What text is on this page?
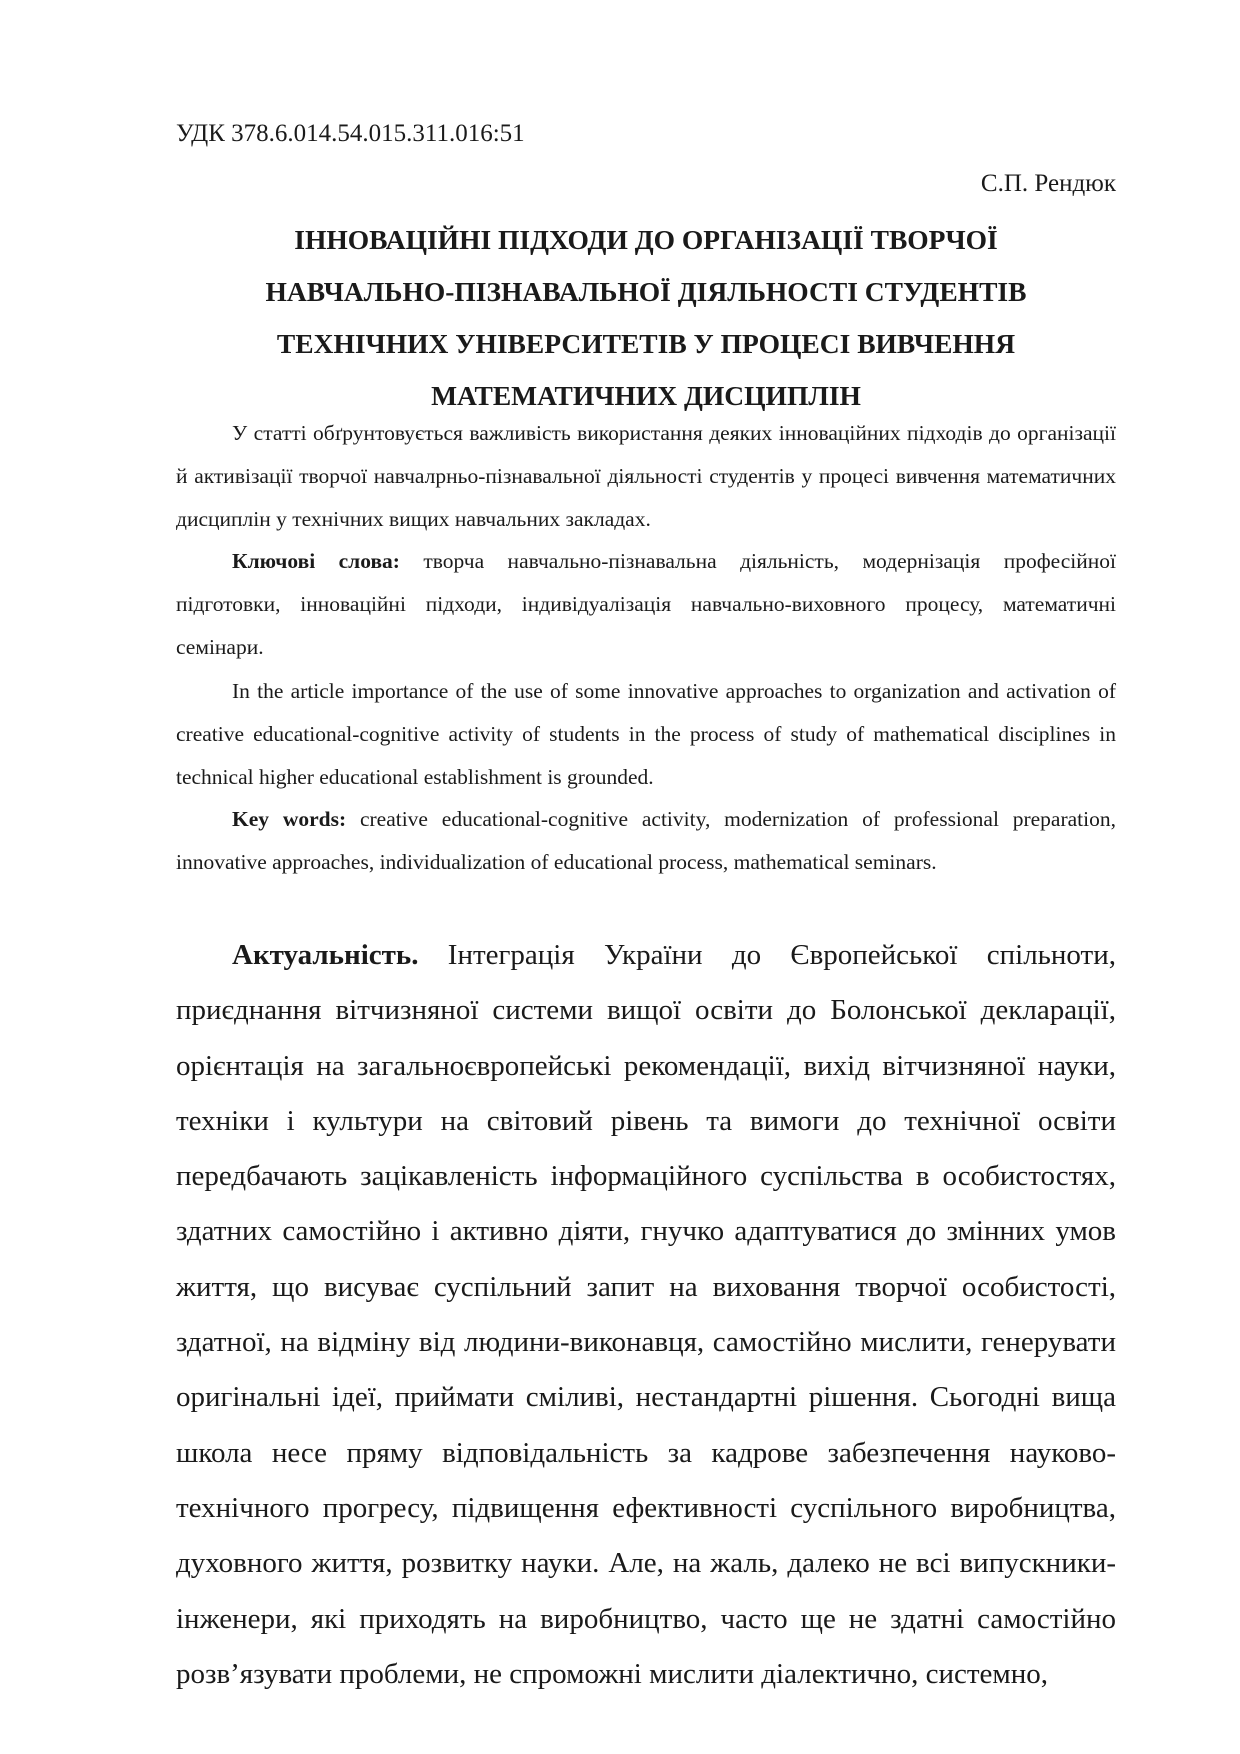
УДК 378.6.014.54.015.311.016:51

С.П. Рендюк

ІННОВАЦІЙНІ ПІДХОДИ ДО ОРГАНІЗАЦІЇ ТВОРЧОЇ
НАВЧАЛЬНО-ПІЗНАВАЛЬНОЇ ДІЯЛЬНОСТІ СТУДЕНТІВ
ТЕХНІЧНИХ УНІВЕРСИТЕТІВ У ПРОЦЕСІ ВИВЧЕННЯ
МАТЕМАТИЧНИХ ДИСЦИПЛІН

У статті обґрунтовується важливість використання деяких інноваційних підходів до організації й активізації творчої навчалрньо-пізнавальної діяльності студентів у процесі вивчення математичних дисциплін у технічних вищих навчальних закладах.

Ключові слова: творча навчально-пізнавальна діяльність, модернізація професійної підготовки, інноваційні підходи, індивідуалізація навчально-виховного процесу, математичні семінари.

In the article importance of the use of some innovative approaches to organization and activation of creative educational-cognitive activity of students in the process of study of mathematical disciplines in technical higher educational establishment is grounded.

Key words: creative educational-cognitive activity, modernization of professional preparation, innovative approaches, individualization of educational process, mathematical seminars.

Актуальність. Інтеграція України до Європейської спільноти, приєднання вітчизняної системи вищої освіти до Болонської декларації, орієнтація на загальноєвропейські рекомендації, вихід вітчизняної науки, техніки і культури на світовий рівень та вимоги до технічної освіти передбачають зацікавленість інформаційного суспільства в особистостях, здатних самостійно і активно діяти, гнучко адаптуватися до змінних умов життя, що висуває суспільний запит на виховання творчої особистості, здатної, на відміну від людини-виконавця, самостійно мислити, генерувати оригінальні ідеї, приймати сміливі, нестандартні рішення. Сьогодні вища школа несе пряму відповідальність за кадрове забезпечення науково-технічного прогресу, підвищення ефективності суспільного виробництва, духовного життя, розвитку науки. Але, на жаль, далеко не всі випускники-інженери, які приходять на виробництво, часто ще не здатні самостійно розв’язувати проблеми, не спроможні мислити діалектично, системно,
